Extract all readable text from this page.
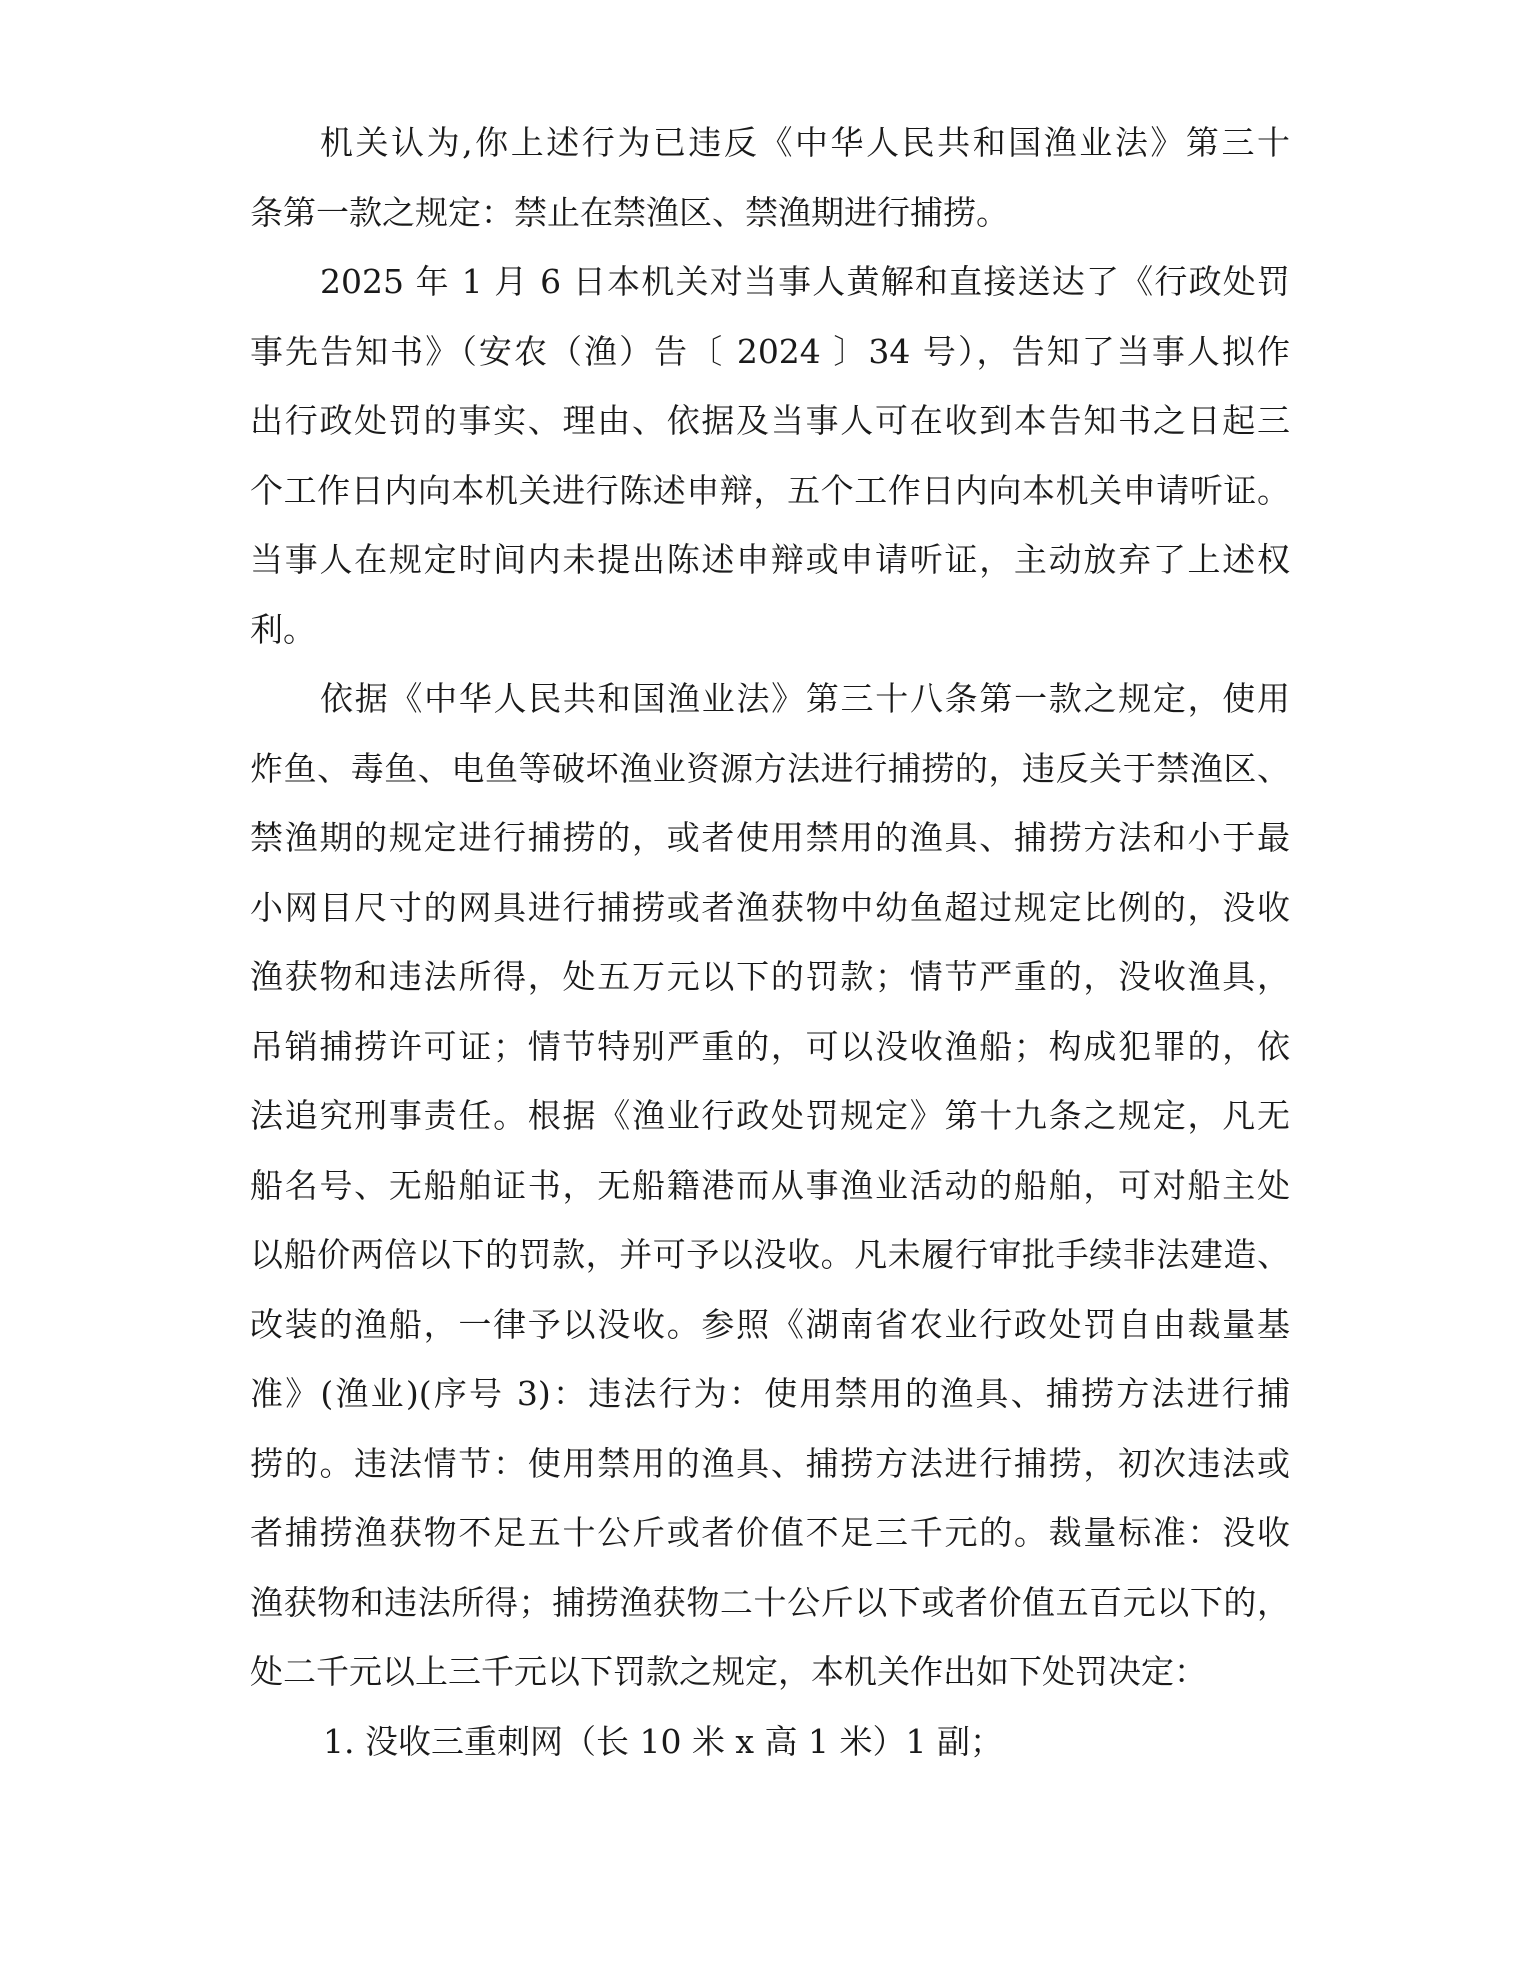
机关认为,你上述行为已违反《中华人民共和国渔业法》第三十
条第一款之规定：禁止在禁渔区、禁渔期进行捕捞。
2025 年 1 月 6 日本机关对当事人黄解和直接送达了《行政处罚
事先告知书》（安农（渔）告〔 2024 〕34 号），告知了当事人拟作
出行政处罚的事实、理由、依据及当事人可在收到本告知书之日起三
个工作日内向本机关进行陈述申辩，五个工作日内向本机关申请听证。
当事人在规定时间内未提出陈述申辩或申请听证，主动放弃了上述权
利。
依据《中华人民共和国渔业法》第三十八条第一款之规定，使用
炸鱼、毒鱼、电鱼等破坏渔业资源方法进行捕捞的，违反关于禁渔区、
禁渔期的规定进行捕捞的，或者使用禁用的渔具、捕捞方法和小于最
小网目尺寸的网具进行捕捞或者渔获物中幼鱼超过规定比例的，没收
渔获物和违法所得，处五万元以下的罚款；情节严重的，没收渔具，
吊销捕捞许可证；情节特别严重的，可以没收渔船；构成犯罪的，依
法追究刑事责任。根据《渔业行政处罚规定》第十九条之规定，凡无
船名号、无船舶证书，无船籍港而从事渔业活动的船舶，可对船主处
以船价两倍以下的罚款，并可予以没收。凡未履行审批手续非法建造、
改装的渔船，一律予以没收。参照《湖南省农业行政处罚自由裁量基
准》(渔业)(序号 3)：违法行为：使用禁用的渔具、捕捞方法进行捕
捞的。违法情节：使用禁用的渔具、捕捞方法进行捕捞，初次违法或
者捕捞渔获物不足五十公斤或者价值不足三千元的。裁量标准：没收
渔获物和违法所得；捕捞渔获物二十公斤以下或者价值五百元以下的，
处二千元以上三千元以下罚款之规定，本机关作出如下处罚决定：
1. 没收三重刺网（长 10 米 x 高 1 米）1 副；
